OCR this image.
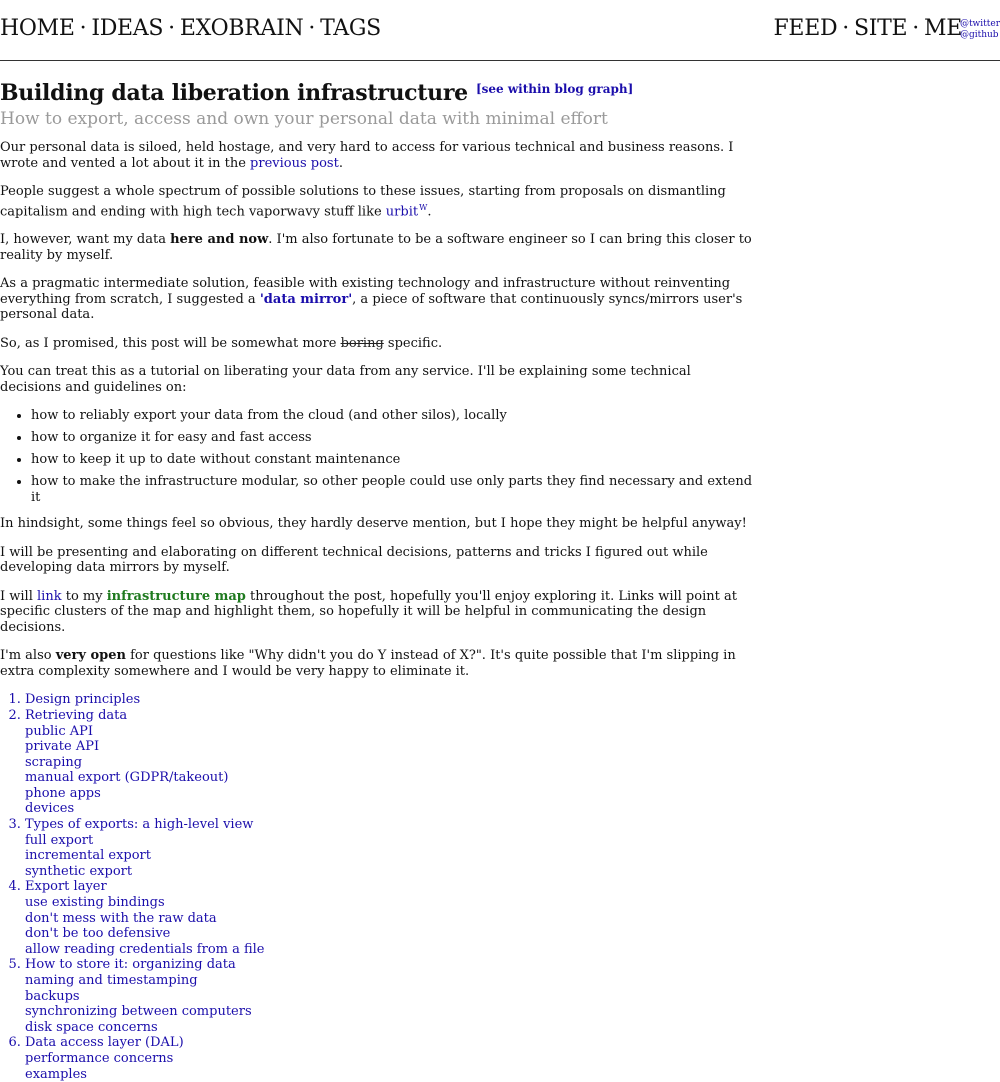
HOME · IDEAS · EXOBRAIN · TAGS	FEED · SITE · ME
@twitter
@github
Building data liberation infrastructure [see within blog graph]
How to export, access and own your personal data with minimal effort

Our personal data is siloed, held hostage, and very hard to access for various technical and business reasons. I wrote and vented a lot about it in the previous post.

People suggest a whole spectrum of possible solutions to these issues, starting from proposals on dismantling capitalism and ending with high tech vaporwavy stuff like urbit$^W$.

I, however, want my data here and now. I'm also fortunate to be a software engineer so I can bring this closer to reality by myself.

As a pragmatic intermediate solution, feasible with existing technology and infrastructure without reinventing everything from scratch, I suggested a 'data mirror', a piece of software that continuously syncs/mirrors user's personal data.

So, as I promised, this post will be somewhat more boring specific.

You can treat this as a tutorial on liberating your data from any service. I'll be explaining some technical decisions and guidelines on:

• how to reliably export your data from the cloud (and other silos), locally
• how to organize it for easy and fast access
• how to keep it up to date without constant maintenance
• how to make the infrastructure modular, so other people could use only parts they find necessary and extend it

In hindsight, some things feel so obvious, they hardly deserve mention, but I hope they might be helpful anyway!

I will be presenting and elaborating on different technical decisions, patterns and tricks I figured out while developing data mirrors by myself.

I will link to my infrastructure map throughout the post, hopefully you'll enjoy exploring it. Links will point at specific clusters of the map and highlight them, so hopefully it will be helpful in communicating the design decisions.

I'm also very open for questions like "Why didn't you do Y instead of X?". It's quite possible that I'm slipping in extra complexity somewhere and I would be very happy to eliminate it.

1. Design principles
2. Retrieving data
public API
private API
scraping
manual export (GDPR/takeout)
phone apps
devices
3. Types of exports: a high-level view
full export
incremental export
synthetic export
4. Export layer
use existing bindings
don't mess with the raw data
don't be too defensive
allow reading credentials from a file
5. How to store it: organizing data
naming and timestamping
backups
synchronizing between computers
disk space concerns
6. Data access layer (DAL)
performance concerns
examples
